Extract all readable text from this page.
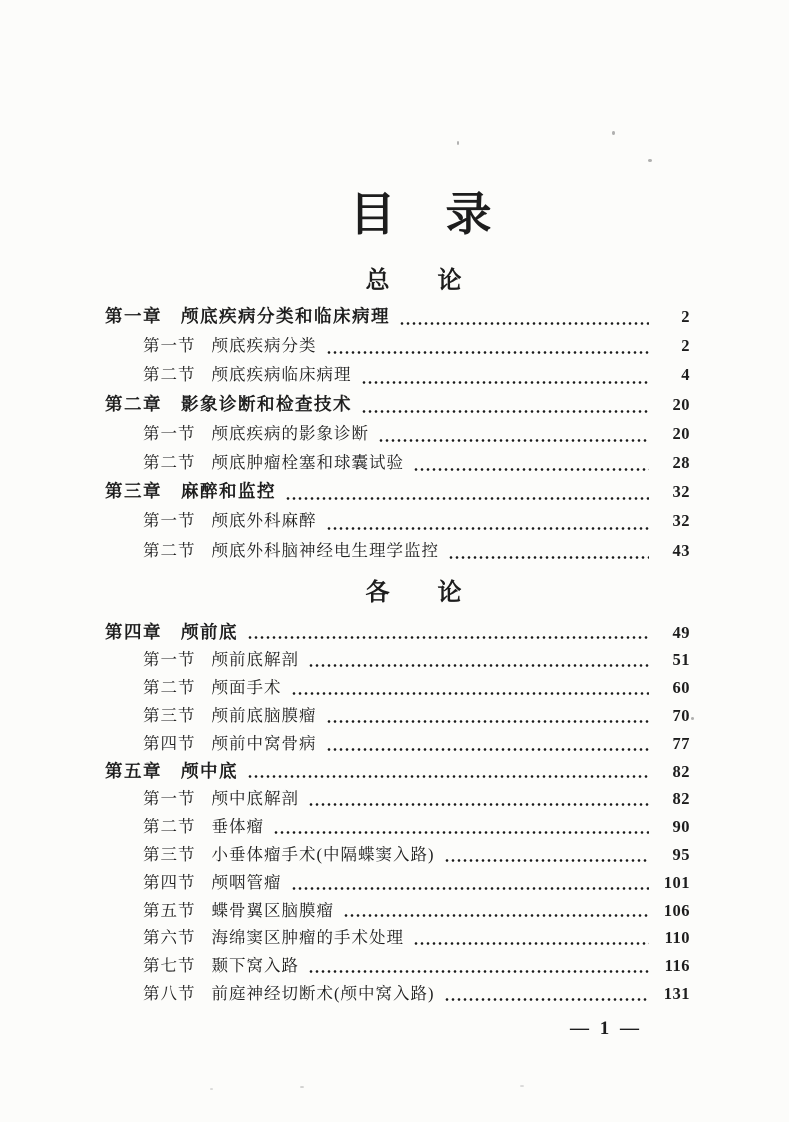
目　录
总　　论
第一章 颅底疾病分类和临床病理	2
第一节 颅底疾病分类	2
第二节 颅底疾病临床病理	4
第二章 影象诊断和检查技术	20
第一节 颅底疾病的影象诊断	20
第二节 颅底肿瘤栓塞和球囊试验	28
第三章 麻醉和监控	32
第一节 颅底外科麻醉	32
第二节 颅底外科脑神经电生理学监控	43
各　　论
第四章 颅前底	49
第一节 颅前底解剖	51
第二节 颅面手术	60
第三节 颅前底脑膜瘤	70
第四节 颅前中窝骨病	77
第五章 颅中底	82
第一节 颅中底解剖	82
第二节 垂体瘤	90
第三节 小垂体瘤手术(中隔蝶窦入路)	95
第四节 颅咽管瘤	101
第五节 蝶骨翼区脑膜瘤	106
第六节 海绵窦区肿瘤的手术处理	110
第七节 颞下窝入路	116
第八节 前庭神经切断术(颅中窝入路)	131
— 1 —
